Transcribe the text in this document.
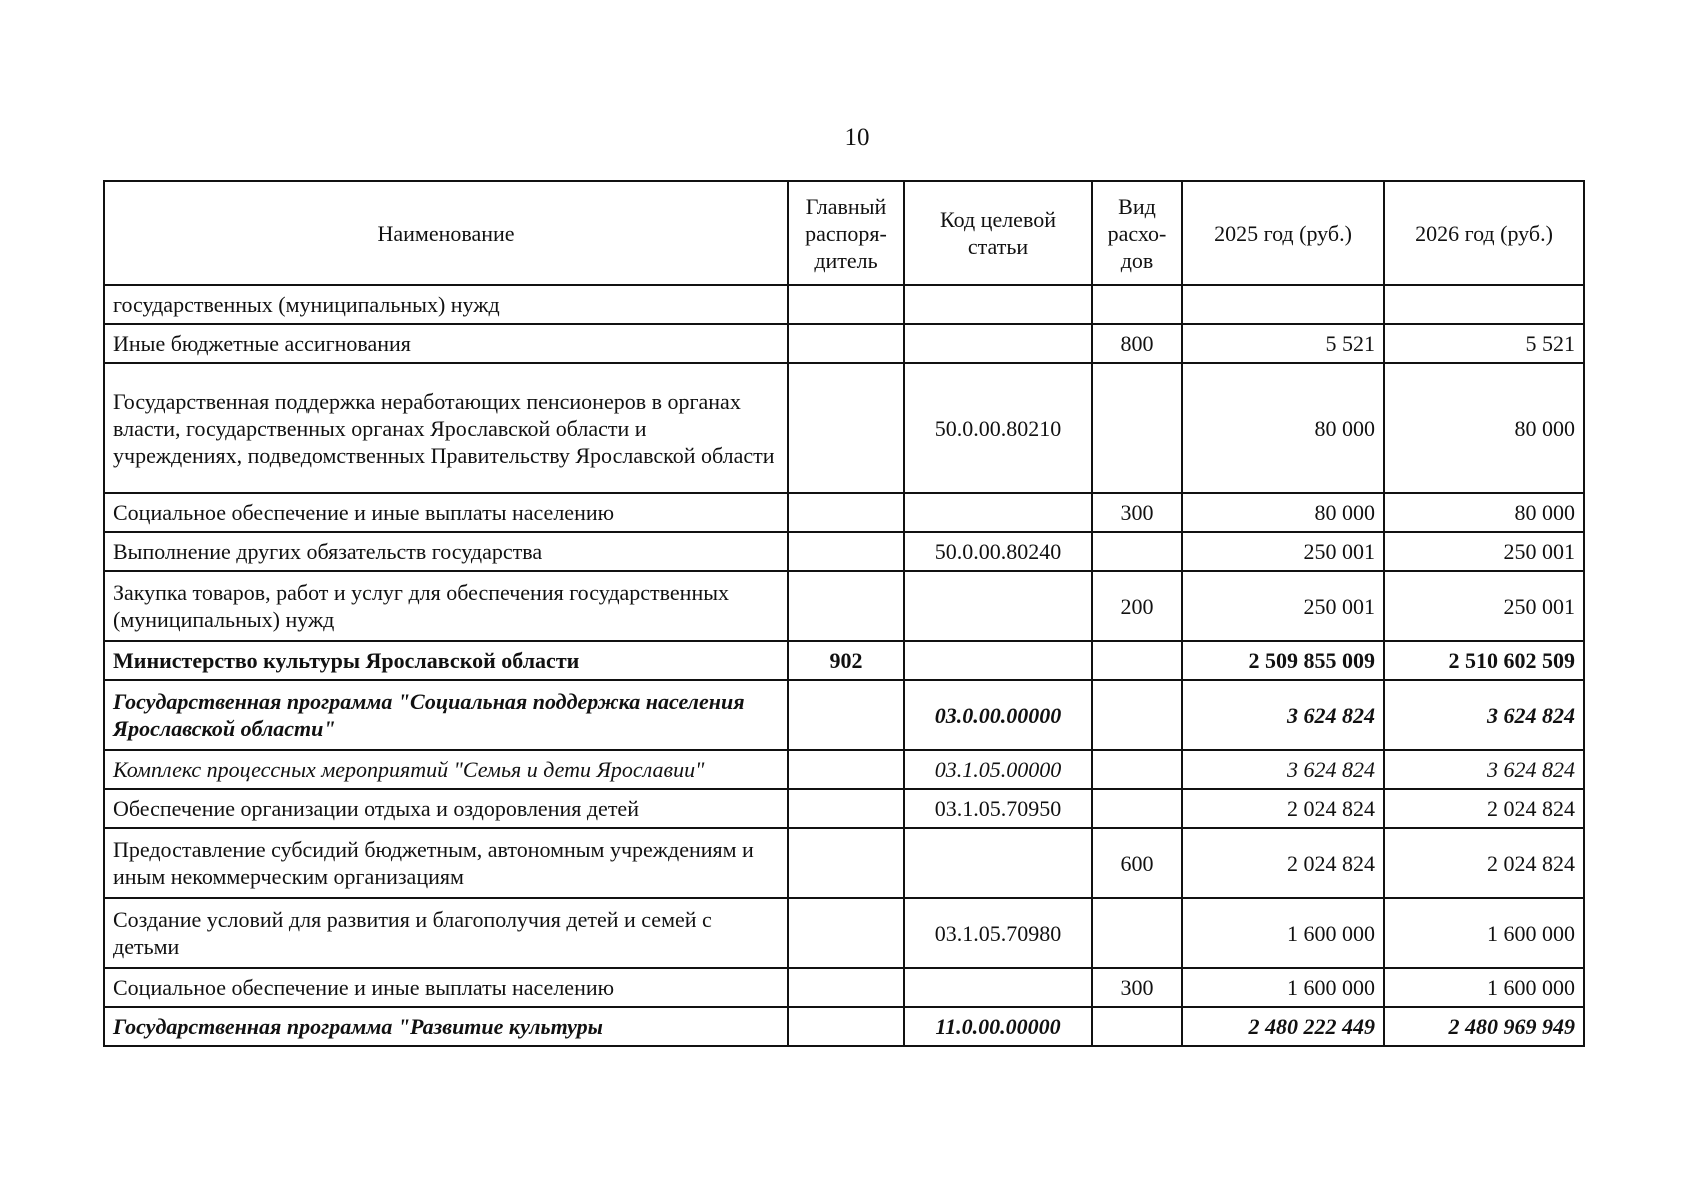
10
Наименование	Главный распоря-дитель	Код целевой статьи	Вид расхо-дов	2025 год (руб.)	2026 год (руб.)
государственных (муниципальных) нужд					
Иные бюджетные ассигнования			800	5 521	5 521
Государственная поддержка неработающих пенсионеров в органах власти, государственных органах Ярославской области и учреждениях, подведомственных Правительству Ярославской области		50.0.00.80210		80 000	80 000
Социальное обеспечение и иные выплаты населению			300	80 000	80 000
Выполнение других обязательств государства		50.0.00.80240		250 001	250 001
Закупка товаров, работ и услуг для обеспечения государственных (муниципальных) нужд			200	250 001	250 001
Министерство культуры Ярославской области	902			2 509 855 009	2 510 602 509
Государственная программа "Социальная поддержка населения Ярославской области"		03.0.00.00000		3 624 824	3 624 824
Комплекс процессных мероприятий "Семья и дети Ярославии"		03.1.05.00000		3 624 824	3 624 824
Обеспечение организации отдыха и оздоровления детей		03.1.05.70950		2 024 824	2 024 824
Предоставление субсидий бюджетным, автономным учреждениям и иным некоммерческим организациям			600	2 024 824	2 024 824
Создание условий для развития и благополучия детей и семей с детьми		03.1.05.70980		1 600 000	1 600 000
Социальное обеспечение и иные выплаты населению			300	1 600 000	1 600 000
Государственная программа "Развитие культуры		11.0.00.00000		2 480 222 449	2 480 969 949
